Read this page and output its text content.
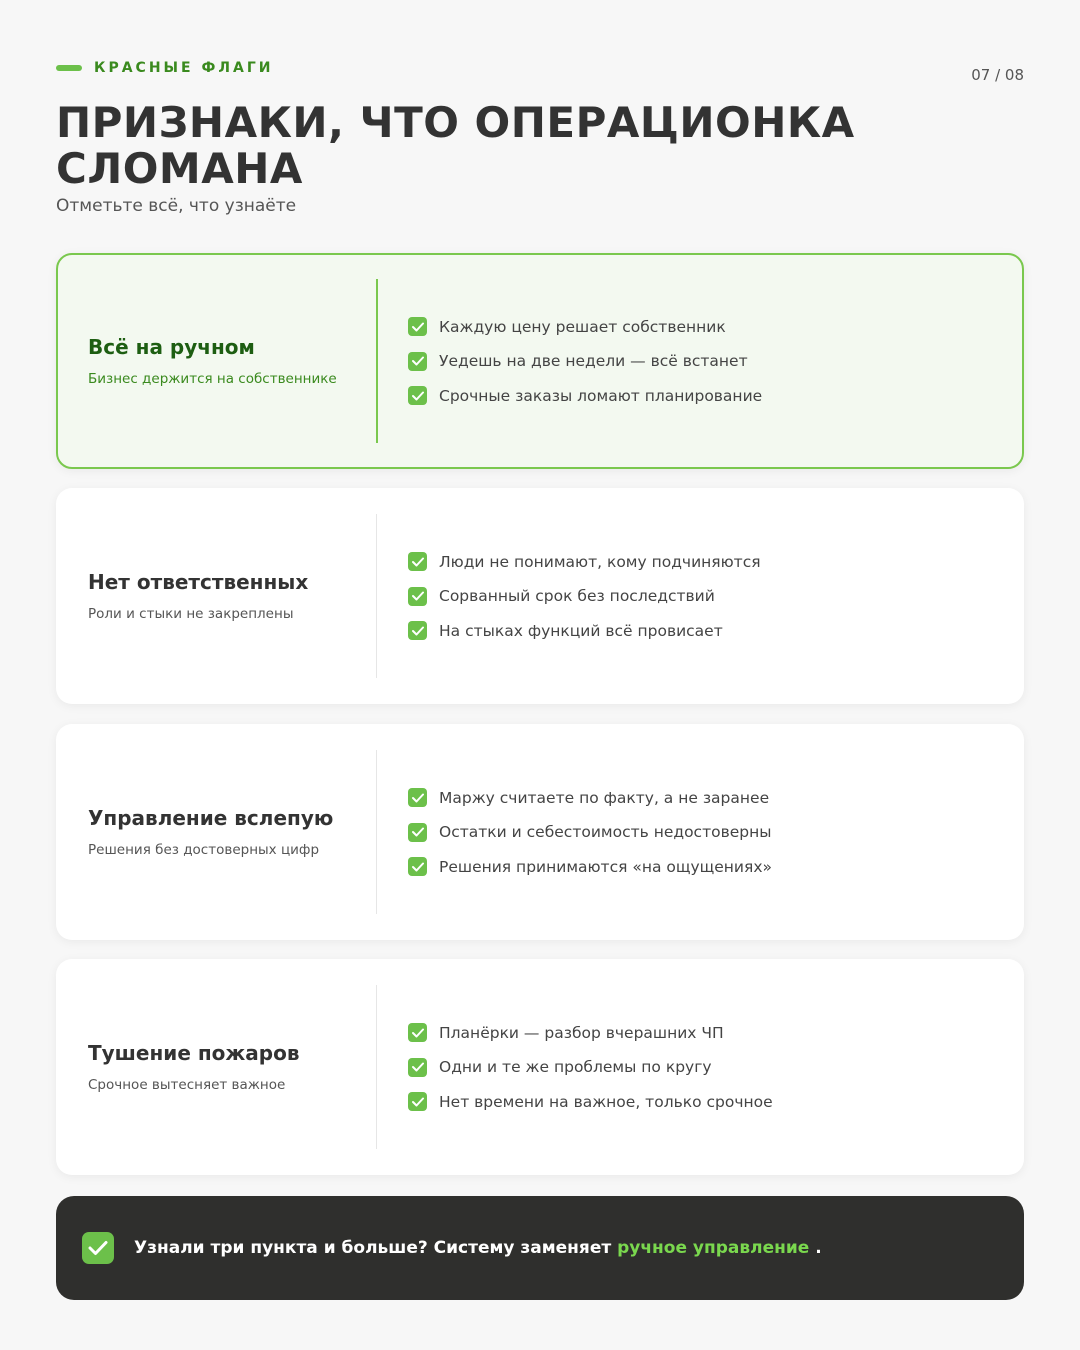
КРАСНЫЕ ФЛАГИ	07 / 08
ПРИЗНАКИ, ЧТО ОПЕРАЦИОНКА СЛОМАНА
Отметьте всё, что узнаёте
Всё на ручном
Бизнес держится на собственнике
Каждую цену решает собственник
Уедешь на две недели — всё встанет
Срочные заказы ломают планирование
Нет ответственных
Роли и стыки не закреплены
Люди не понимают, кому подчиняются
Сорванный срок без последствий
На стыках функций всё провисает
Управление вслепую
Решения без достоверных цифр
Маржу считаете по факту, а не заранее
Остатки и себестоимость недостоверны
Решения принимаются «на ощущениях»
Тушение пожаров
Срочное вытесняет важное
Планёрки — разбор вчерашних ЧП
Одни и те же проблемы по кругу
Нет времени на важное, только срочное
Узнали три пункта и больше? Систему заменяет ручное управление .
